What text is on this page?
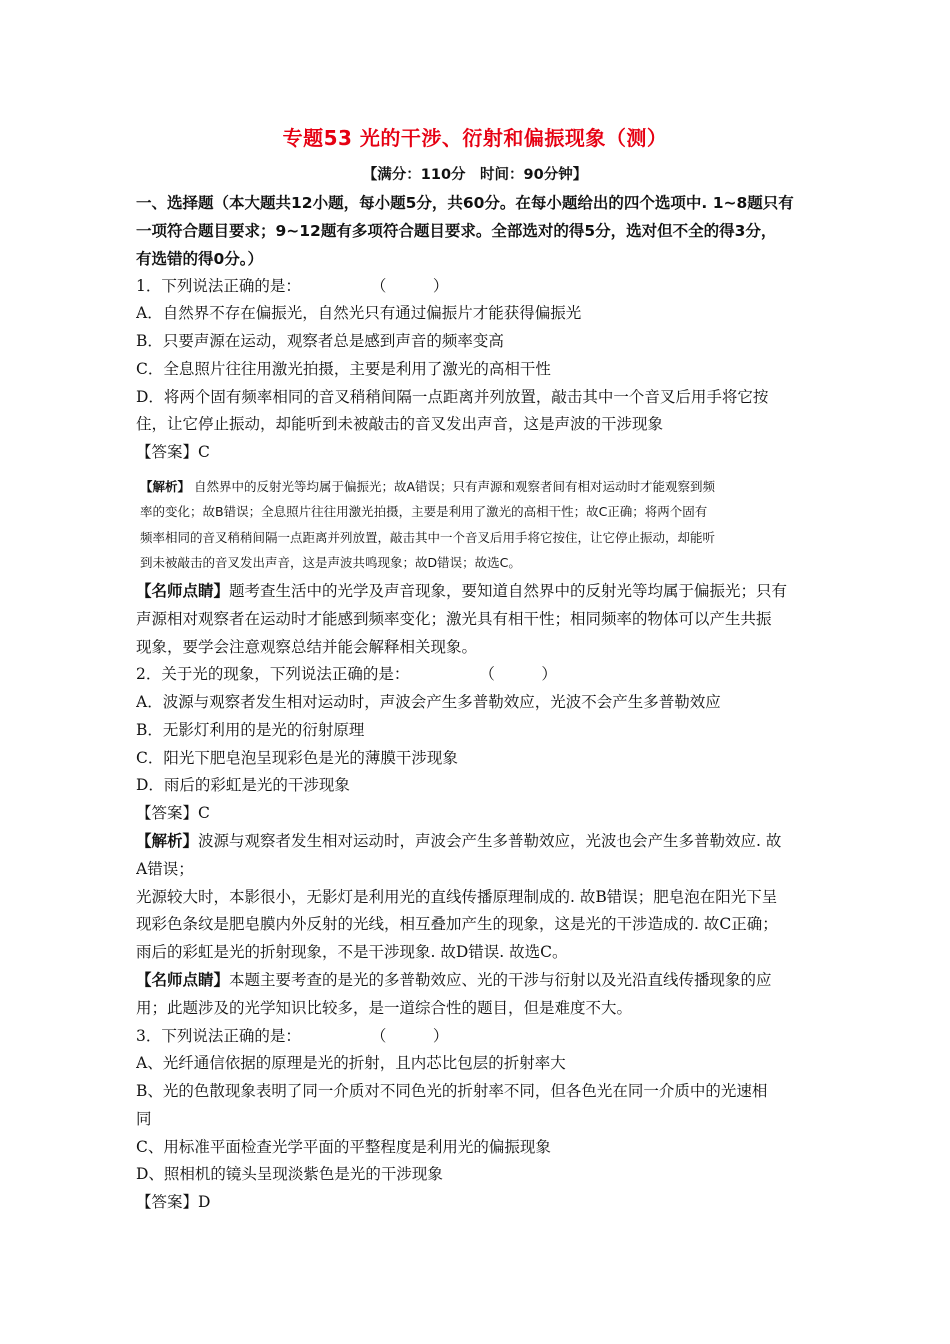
专题53 光的干涉、衍射和偏振现象（测）
【满分：110分　时间：90分钟】
一、选择题（本大题共12小题，每小题5分，共60分。在每小题给出的四个选项中. 1~8题只有
一项符合题目要求；9~12题有多项符合题目要求。全部选对的得5分，选对但不全的得3分，
有选错的得0分。）
1．下列说法正确的是：	（　　　）
A．自然界不存在偏振光，自然光只有通过偏振片才能获得偏振光
B．只要声源在运动，观察者总是感到声音的频率变高
C．全息照片往往用激光拍摄，主要是利用了激光的高相干性
D．将两个固有频率相同的音叉稍稍间隔一点距离并列放置，敲击其中一个音叉后用手将它按
住，让它停止振动，却能听到未被敲击的音叉发出声音，这是声波的干涉现象
【答案】C
【解析】 自然界中的反射光等均属于偏振光；故A错误；只有声源和观察者间有相对运动时才能观察到频
率的变化；故B错误；全息照片往往用激光拍摄，主要是利用了激光的高相干性；故C正确；将两个固有
频率相同的音叉稍稍间隔一点距离并列放置，敲击其中一个音叉后用手将它按住，让它停止振动，却能听
到未被敲击的音叉发出声音，这是声波共鸣现象；故D错误；故选C。
【名师点睛】题考查生活中的光学及声音现象，要知道自然界中的反射光等均属于偏振光；只有
声源相对观察者在运动时才能感到频率变化；激光具有相干性；相同频率的物体可以产生共振
现象，要学会注意观察总结并能会解释相关现象。
2．关于光的现象，下列说法正确的是：	（　　　）
A．波源与观察者发生相对运动时，声波会产生多普勒效应，光波不会产生多普勒效应
B．无影灯利用的是光的衍射原理
C．阳光下肥皂泡呈现彩色是光的薄膜干涉现象
D．雨后的彩虹是光的干涉现象
【答案】C
【解析】波源与观察者发生相对运动时，声波会产生多普勒效应，光波也会产生多普勒效应. 故
A错误；
光源较大时，本影很小，无影灯是利用光的直线传播原理制成的. 故B错误；肥皂泡在阳光下呈
现彩色条纹是肥皂膜内外反射的光线，相互叠加产生的现象，这是光的干涉造成的. 故C正确；
雨后的彩虹是光的折射现象，不是干涉现象. 故D错误. 故选C。
【名师点睛】本题主要考查的是光的多普勒效应、光的干涉与衍射以及光沿直线传播现象的应
用；此题涉及的光学知识比较多，是一道综合性的题目，但是难度不大。
3．下列说法正确的是：	（　　　）
A、光纤通信依据的原理是光的折射，且内芯比包层的折射率大
B、光的色散现象表明了同一介质对不同色光的折射率不同，但各色光在同一介质中的光速相
同
C、用标准平面检查光学平面的平整程度是利用光的偏振现象
D、照相机的镜头呈现淡紫色是光的干涉现象
【答案】D
